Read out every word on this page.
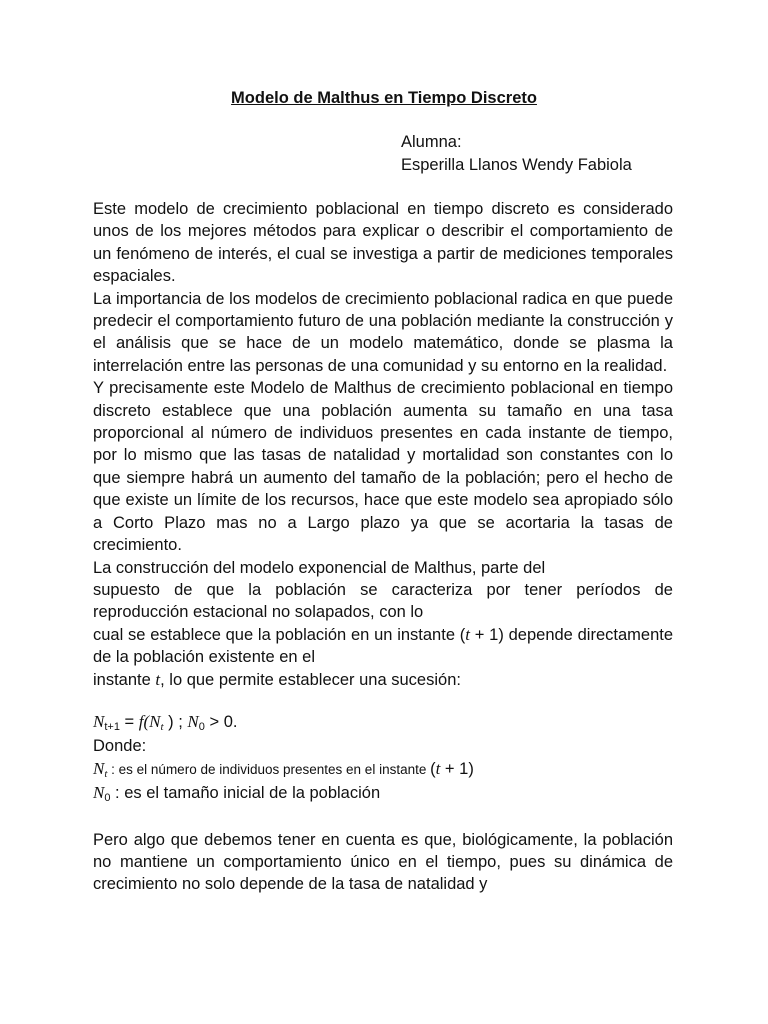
Modelo de Malthus en Tiempo Discreto
Alumna:
Esperilla Llanos Wendy Fabiola
Este modelo de crecimiento poblacional en tiempo discreto es considerado unos de los mejores métodos para explicar o describir el comportamiento de un fenómeno de interés, el cual se investiga a partir de mediciones temporales espaciales.
La importancia de los modelos de crecimiento poblacional radica en que puede predecir el comportamiento futuro de una población mediante la construcción y el análisis que se hace de un modelo matemático, donde se plasma la interrelación entre las personas de una comunidad y su entorno en la realidad.
Y precisamente este Modelo de Malthus de crecimiento poblacional en tiempo discreto establece que una población aumenta su tamaño en una tasa proporcional al número de individuos presentes en cada instante de tiempo, por lo mismo que las tasas de natalidad y mortalidad son constantes con lo que siempre habrá un aumento del tamaño de la población; pero el hecho de que existe un límite de los recursos, hace que este modelo sea apropiado sólo a Corto Plazo mas no a Largo plazo ya que se acortaria la tasas de crecimiento.
La construcción del modelo exponencial de Malthus, parte del
supuesto de que la población se caracteriza por tener períodos de reproducción estacional no solapados, con lo
cual se establece que la población en un instante (t + 1) depende directamente de la población existente en el
instante t, lo que permite establecer una sucesión:
Nt+1 = f(Nt ) ; N0 > 0.
Donde:
Nt : es el número de individuos presentes en el instante (t + 1)
N0 : es el tamaño inicial de la población
Pero algo que debemos tener en cuenta es que, biológicamente, la población no mantiene un comportamiento único en el tiempo, pues su dinámica de crecimiento no solo depende de la tasa de natalidad y
